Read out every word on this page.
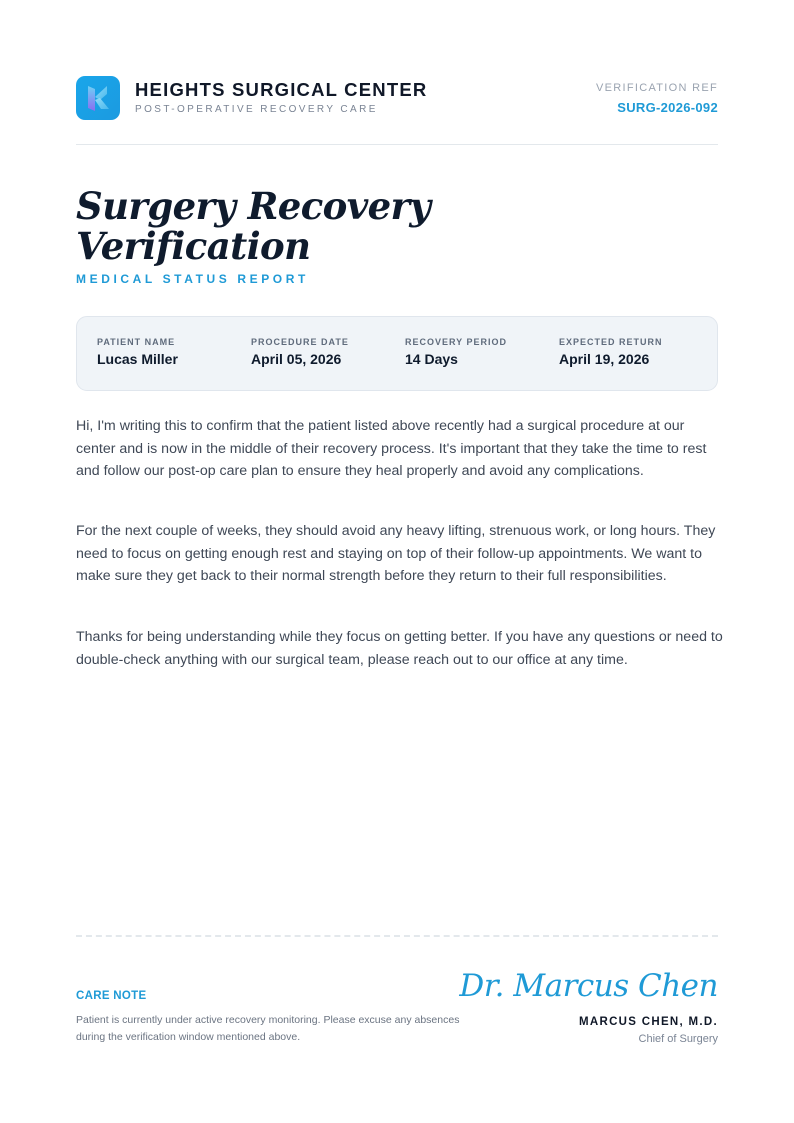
HEIGHTS SURGICAL CENTER
POST-OPERATIVE RECOVERY CARE
VERIFICATION REF
SURG-2026-092
Surgery Recovery
Verification
MEDICAL STATUS REPORT
PATIENT NAME
Lucas Miller
PROCEDURE DATE
April 05, 2026
RECOVERY PERIOD
14 Days
EXPECTED RETURN
April 19, 2026

Hi, I'm writing this to confirm that the patient listed above recently had a surgical procedure at our center and is now in the middle of their recovery process. It's important that they take the time to rest and follow our post-op care plan to ensure they heal properly and avoid any complications.

For the next couple of weeks, they should avoid any heavy lifting, strenuous work, or long hours. They need to focus on getting enough rest and staying on top of their follow-up appointments. We want to make sure they get back to their normal strength before they return to their full responsibilities.

Thanks for being understanding while they focus on getting better. If you have any questions or need to double-check anything with our surgical team, please reach out to our office at any time.

CARE NOTE
Patient is currently under active recovery monitoring. Please excuse any absences during the verification window mentioned above.
Dr. Marcus Chen
MARCUS CHEN, M.D.
Chief of Surgery
